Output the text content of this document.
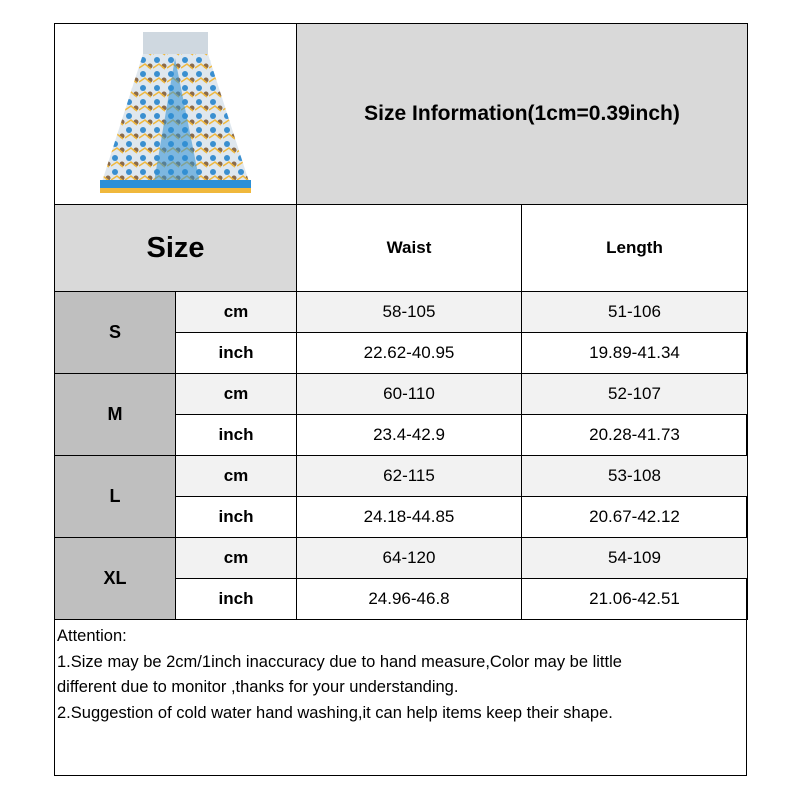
	Size Information(1cm=0.39inch)	
Size		Waist	Length
S	cm	58-105	51-106
	inch	22.62-40.95	19.89-41.34
M	cm	60-110	52-107
	inch	23.4-42.9	20.28-41.73
L	cm	62-115	53-108
	inch	24.18-44.85	20.67-42.12
XL	cm	64-120	54-109
	inch	24.96-46.8	21.06-42.51
Attention:
1.Size may be 2cm/1inch inaccuracy due to hand measure,Color may be little
different due to monitor ,thanks for your understanding.
2.Suggestion of cold water hand washing,it can help items keep their shape.
